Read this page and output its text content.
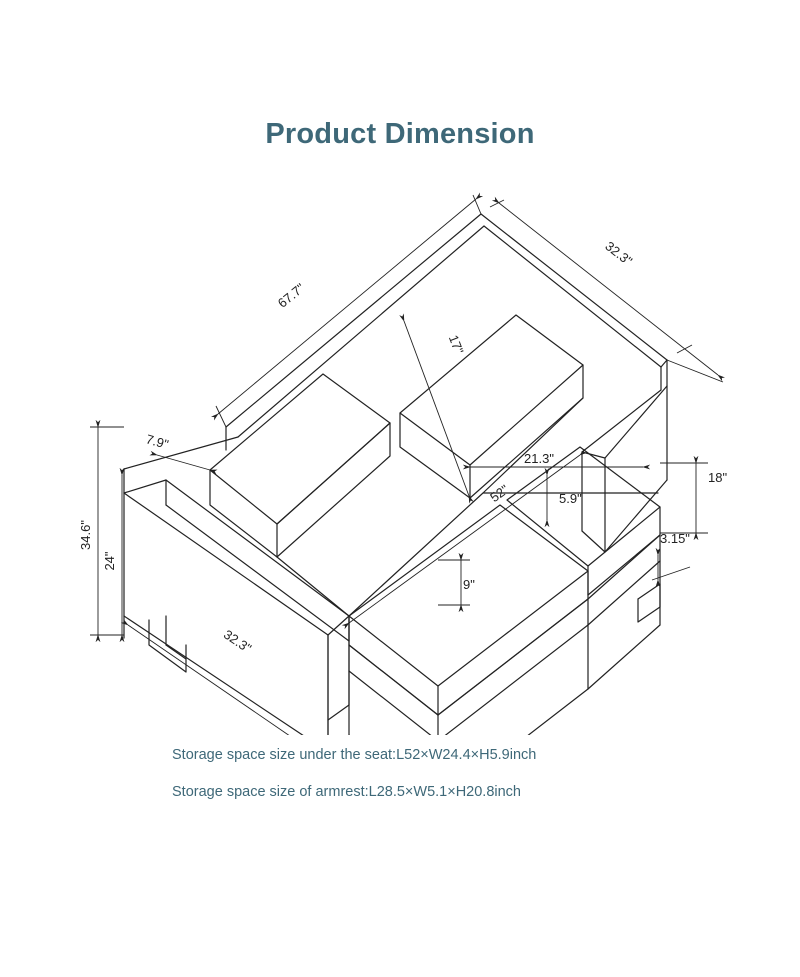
Product Dimension
67.7"
32.3"
17"
7.9"
21.3"
52"	5.9"
9"
18"
3.15"
34.6"
24"
32.3"
Storage space size under the seat:L52×W24.4×H5.9inch
Storage space size of armrest:L28.5×W5.1×H20.8inch
